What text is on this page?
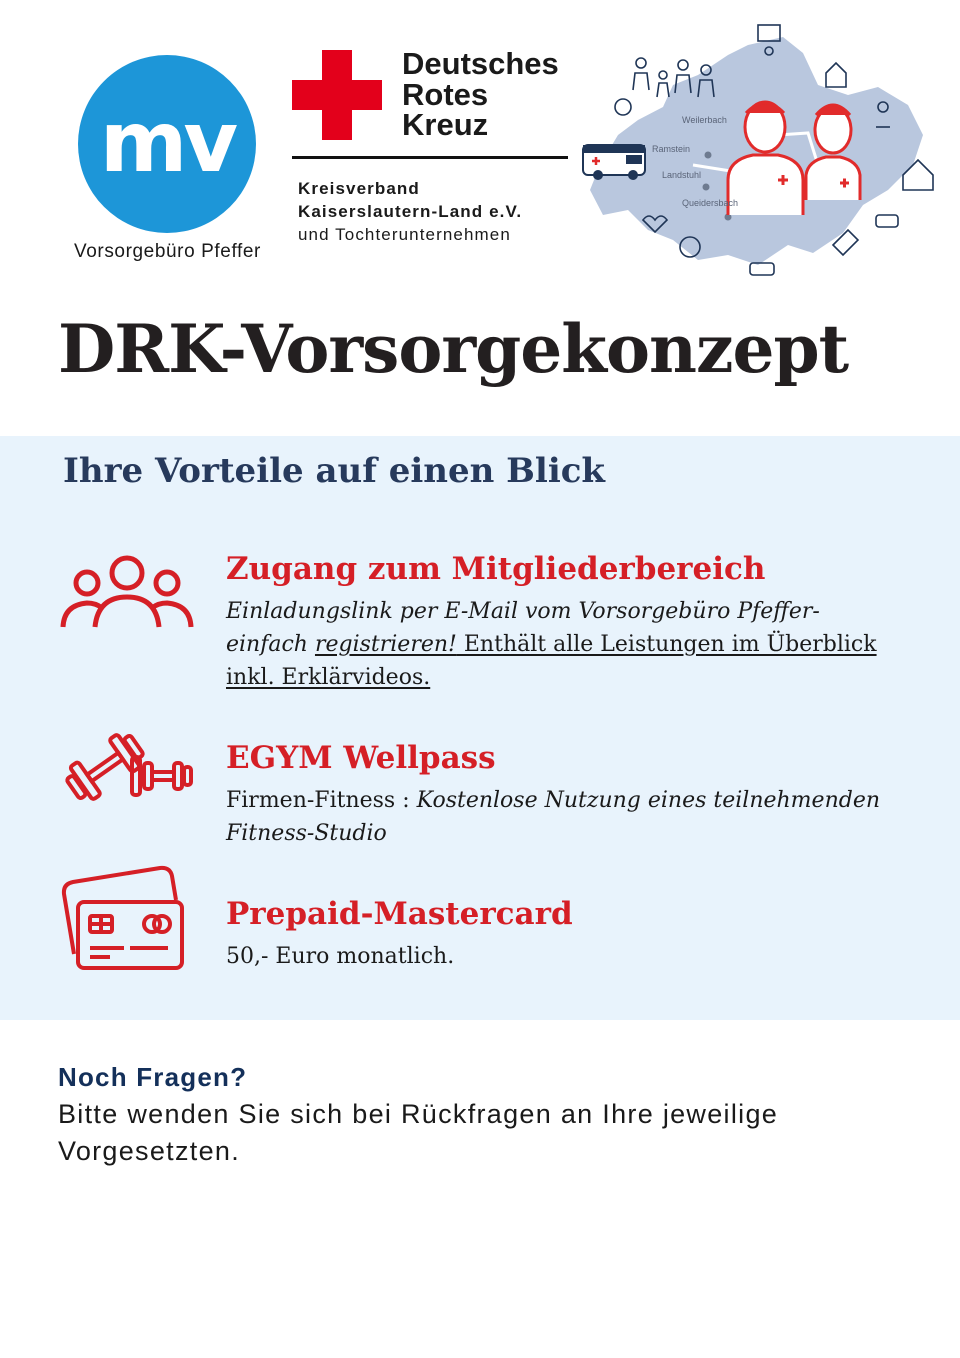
mv
Vorsorgebüro Pfeffer
Deutsches
Rotes
Kreuz
Kreisverband
Kaiserslautern-Land e.V.
und Tochterunternehmen
Weilerbach
Ramstein
Landstuhl
Queidersbach
DRK-Vorsorgekonzept
Ihre Vorteile auf einen Blick
Zugang zum Mitgliederbereich
Einladungslink per E-Mail vom Vorsorgebüro Pfeffer- einfach registrieren! Enthält alle Leistungen im Überblick inkl. Erklärvideos.
EGYM Wellpass
Firmen-Fitness : Kostenlose Nutzung eines teilnehmenden Fitness-Studio
Prepaid-Mastercard
50,- Euro monatlich.
Noch Fragen?
Bitte wenden Sie sich bei Rückfragen an Ihre jeweilige Vorgesetzten.
